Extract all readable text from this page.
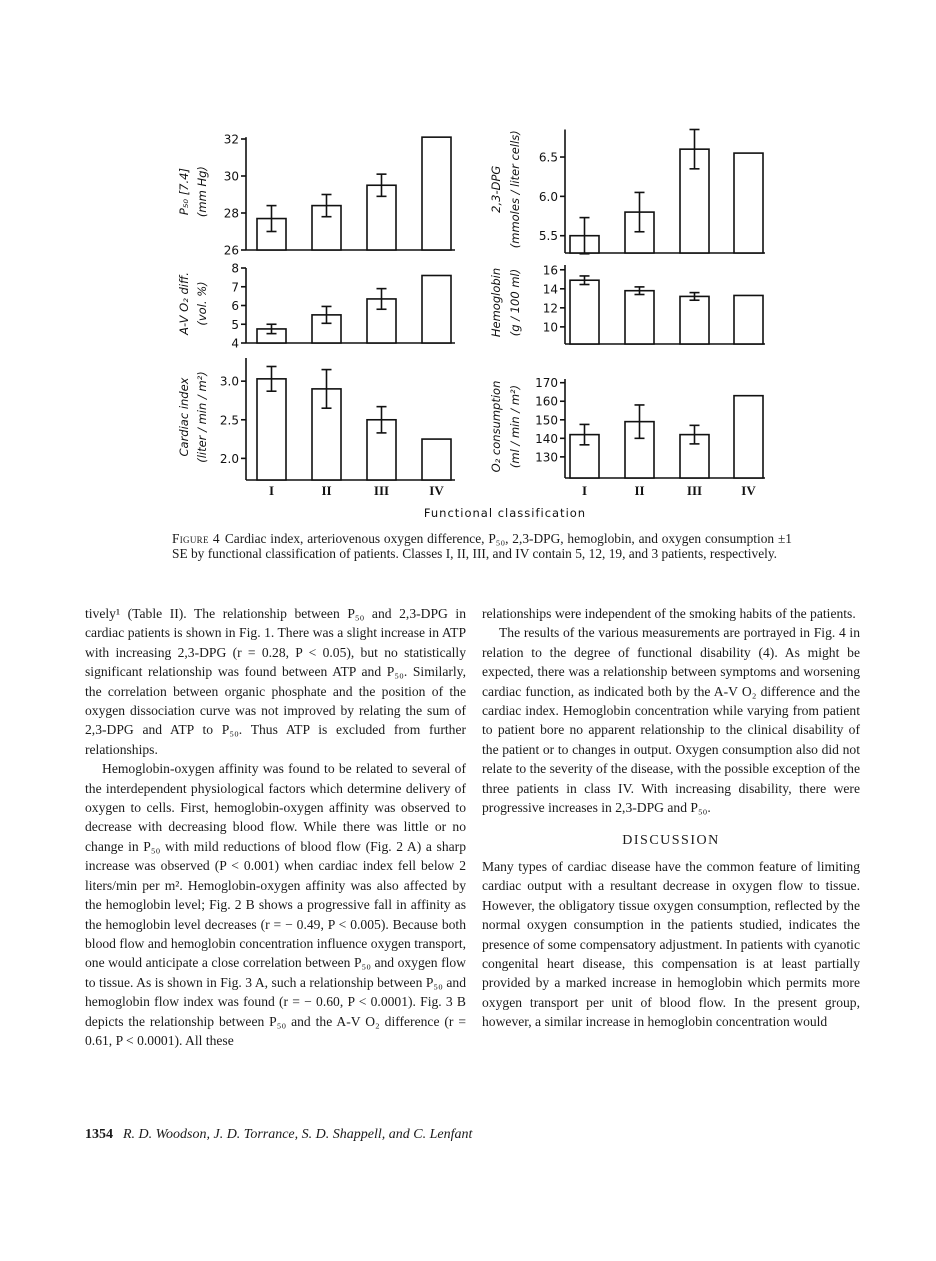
26
28
30
32
P₅₀ [7.4] (mm Hg)
5.5
6.0
6.5
2,3-DPG (mmoles / liter cells)
4
5
6
7
8
A-V O₂ diff. (vol. %)
10
12
14
16
Hemoglobin (g / 100 ml)
2.0
2.5
3.0
Cardiac index (liter / min / m²)	130
140
150
160
170
O₂ consumption (ml / min / m²)
I	II	III	IV	I	II	III	IV
Functional classification
Figure 4 Cardiac index, arteriovenous oxygen difference, P₅₀, 2,3-DPG, hemoglobin, and oxygen consumption ±1 SE by functional classification of patients. Classes I, II, III, and IV contain 5, 12, 19, and 3 patients, respectively.

tively¹ (Table II). The relationship between P₅₀ and 2,3-DPG in cardiac patients is shown in Fig. 1. There was a slight increase in ATP with increasing 2,3-DPG (r = 0.28, P < 0.05), but no statistically significant relationship was found between ATP and P₅₀. Similarly, the correlation between organic phosphate and the position of the oxygen dissociation curve was not improved by relating the sum of 2,3-DPG and ATP to P₅₀. Thus ATP is excluded from further relationships.

Hemoglobin-oxygen affinity was found to be related to several of the interdependent physiological factors which determine delivery of oxygen to cells. First, hemoglobin-oxygen affinity was observed to decrease with decreasing blood flow. While there was little or no change in P₅₀ with mild reductions of blood flow (Fig. 2 A) a sharp increase was observed (P < 0.001) when cardiac index fell below 2 liters/min per m². Hemoglobin-oxygen affinity was also affected by the hemoglobin level; Fig. 2 B shows a progressive fall in affinity as the hemoglobin level decreases (r = − 0.49, P < 0.005). Because both blood flow and hemoglobin concentration influence oxygen transport, one would anticipate a close correlation between P₅₀ and oxygen flow to tissue. As is shown in Fig. 3 A, such a relationship between P₅₀ and hemoglobin flow index was found (r = − 0.60, P < 0.0001). Fig. 3 B depicts the relationship between P₅₀ and the A-V O₂ difference (r = 0.61, P < 0.0001). All these

relationships were independent of the smoking habits of the patients.

The results of the various measurements are portrayed in Fig. 4 in relation to the degree of functional disability (4). As might be expected, there was a relationship between symptoms and worsening cardiac function, as indicated both by the A-V O₂ difference and the cardiac index. Hemoglobin concentration while varying from patient to patient bore no apparent relationship to the clinical disability of the patient or to changes in output. Oxygen consumption also did not relate to the severity of the disease, with the possible exception of the three patients in class IV. With increasing disability, there were progressive increases in 2,3-DPG and P₅₀.

DISCUSSION

Many types of cardiac disease have the common feature of limiting cardiac output with a resultant decrease in oxygen flow to tissue. However, the obligatory tissue oxygen consumption, reflected by the normal oxygen consumption in the patients studied, indicates the presence of some compensatory adjustment. In patients with cyanotic congenital heart disease, this compensation is at least partially provided by a marked increase in hemoglobin which permits more oxygen transport per unit of blood flow. In the present group, however, a similar increase in hemoglobin concentration would

1354 R. D. Woodson, J. D. Torrance, S. D. Shappell, and C. Lenfant
